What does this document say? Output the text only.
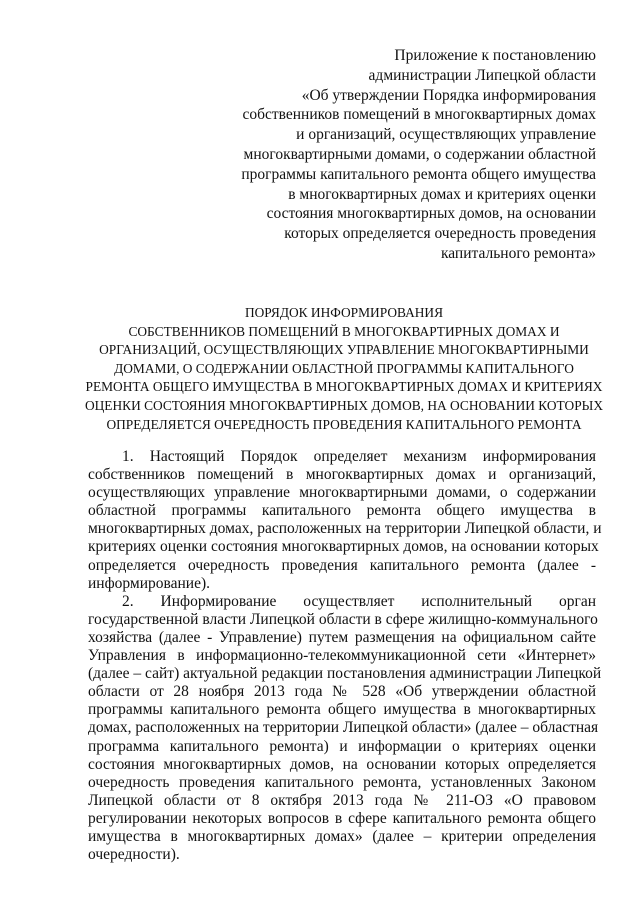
Приложение к постановлению
администрации Липецкой области
«Об утверждении Порядка информирования
собственников помещений в многоквартирных домах
и организаций, осуществляющих управление
многоквартирными домами, о содержании областной
программы капитального ремонта общего имущества
в многоквартирных домах и критериях оценки
состояния многоквартирных домов, на основании
которых определяется очередность проведения
капитального ремонта»
ПОРЯДОК ИНФОРМИРОВАНИЯ
СОБСТВЕННИКОВ ПОМЕЩЕНИЙ В МНОГОКВАРТИРНЫХ ДОМАХ И
ОРГАНИЗАЦИЙ, ОСУЩЕСТВЛЯЮЩИХ УПРАВЛЕНИЕ МНОГОКВАРТИРНЫМИ
ДОМАМИ, О СОДЕРЖАНИИ ОБЛАСТНОЙ ПРОГРАММЫ КАПИТАЛЬНОГО
РЕМОНТА ОБЩЕГО ИМУЩЕСТВА В МНОГОКВАРТИРНЫХ ДОМАХ И КРИТЕРИЯХ
ОЦЕНКИ СОСТОЯНИЯ МНОГОКВАРТИРНЫХ ДОМОВ, НА ОСНОВАНИИ КОТОРЫХ
ОПРЕДЕЛЯЕТСЯ ОЧЕРЕДНОСТЬ ПРОВЕДЕНИЯ КАПИТАЛЬНОГО РЕМОНТА
1. Настоящий Порядок определяет механизм информирования
собственников помещений в многоквартирных домах и организаций,
осуществляющих управление многоквартирными домами, о содержании
областной программы капитального ремонта общего имущества в
многоквартирных домах, расположенных на территории Липецкой области, и
критериях оценки состояния многоквартирных домов, на основании которых
определяется очередность проведения капитального ремонта (далее -
информирование).
2. Информирование осуществляет исполнительный орган
государственной власти Липецкой области в сфере жилищно-коммунального
хозяйства (далее - Управление) путем размещения на официальном сайте
Управления в информационно-телекоммуникационной сети «Интернет»
(далее – сайт) актуальной редакции постановления администрации Липецкой
области от 28 ноября 2013 года № 528 «Об утверждении областной
программы капитального ремонта общего имущества в многоквартирных
домах, расположенных на территории Липецкой области» (далее – областная
программа капитального ремонта) и информации о критериях оценки
состояния многоквартирных домов, на основании которых определяется
очередность проведения капитального ремонта, установленных Законом
Липецкой области от 8 октября 2013 года № 211-ОЗ «О правовом
регулировании некоторых вопросов в сфере капитального ремонта общего
имущества в многоквартирных домах» (далее – критерии определения
очередности).
